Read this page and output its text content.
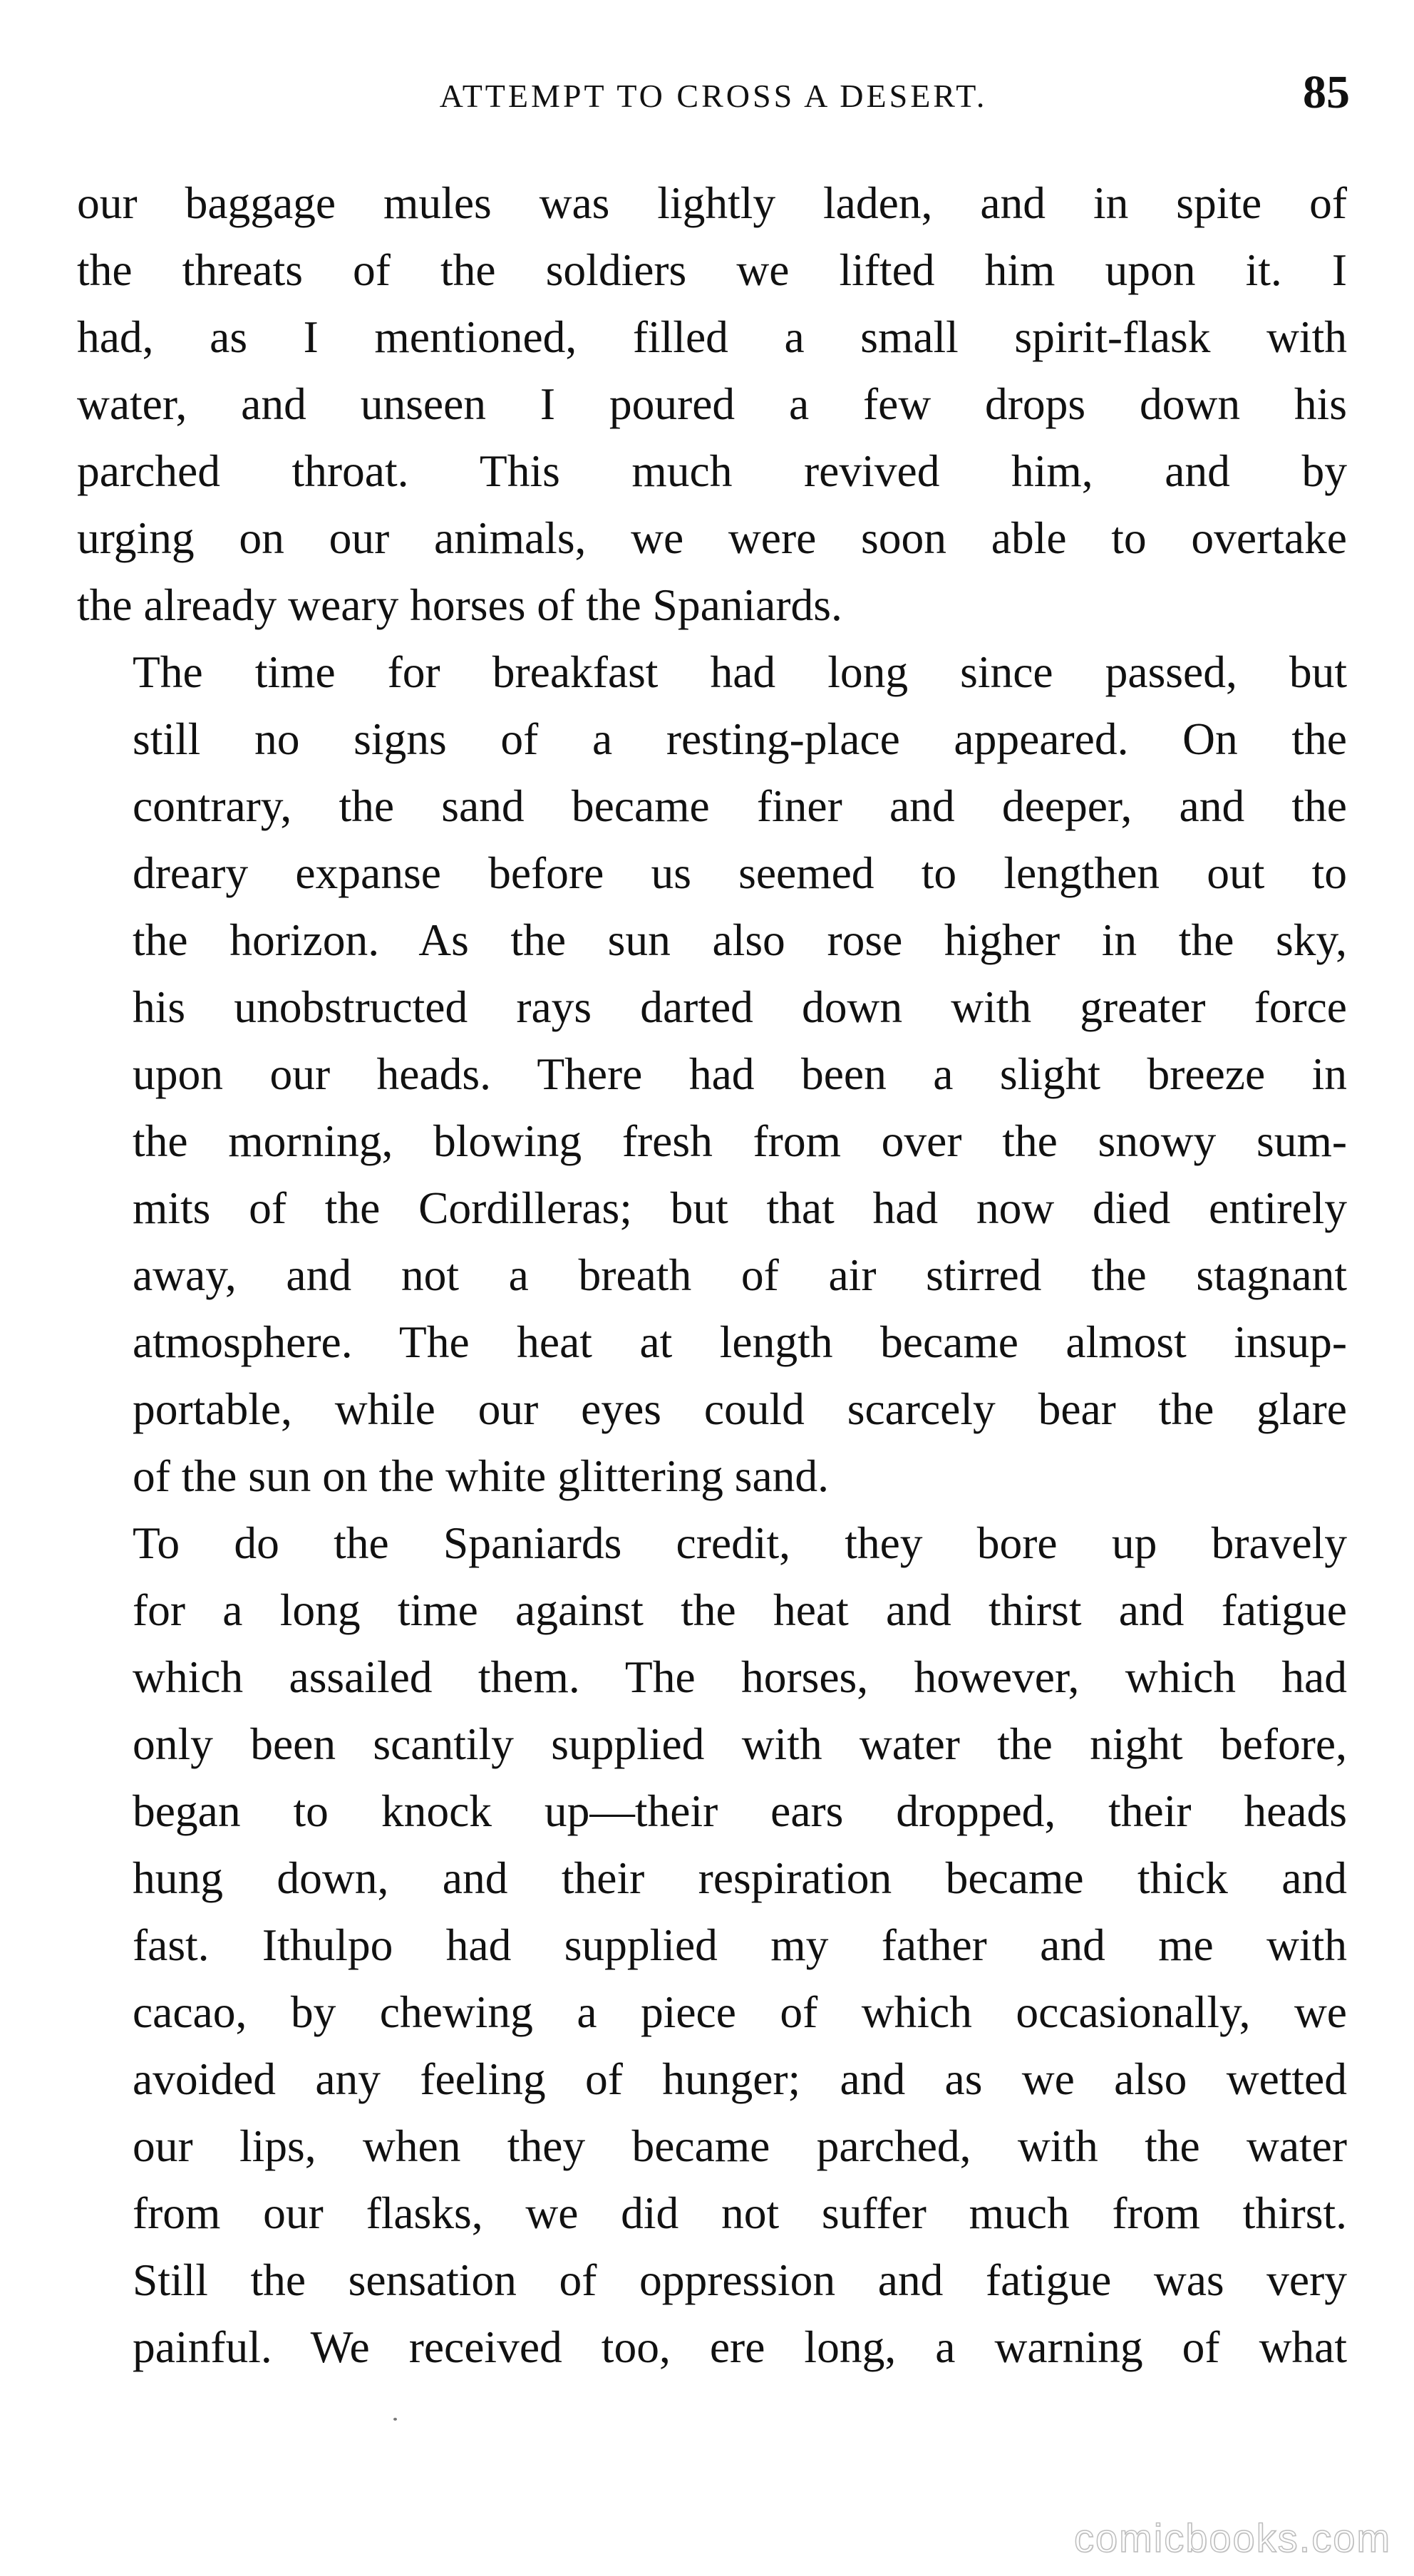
ATTEMPT TO CROSS A DESERT.	85

our baggage mules was lightly laden, and in spite of
the threats of the soldiers we lifted him upon it. I
had, as I mentioned, filled a small spirit-flask with
water, and unseen I poured a few drops down his
parched throat. This much revived him, and by
urging on our animals, we were soon able to overtake
the already weary horses of the Spaniards.

The time for breakfast had long since passed, but
still no signs of a resting-place appeared. On the
contrary, the sand became finer and deeper, and the
dreary expanse before us seemed to lengthen out to
the horizon. As the sun also rose higher in the sky,
his unobstructed rays darted down with greater force
upon our heads. There had been a slight breeze in
the morning, blowing fresh from over the snowy sum-
mits of the Cordilleras; but that had now died entirely
away, and not a breath of air stirred the stagnant
atmosphere. The heat at length became almost insup-
portable, while our eyes could scarcely bear the glare
of the sun on the white glittering sand.

To do the Spaniards credit, they bore up bravely
for a long time against the heat and thirst and fatigue
which assailed them. The horses, however, which had
only been scantily supplied with water the night before,
began to knock up—their ears dropped, their heads
hung down, and their respiration became thick and
fast. Ithulpo had supplied my father and me with
cacao, by chewing a piece of which occasionally, we
avoided any feeling of hunger; and as we also wetted
our lips, when they became parched, with the water
from our flasks, we did not suffer much from thirst.
Still the sensation of oppression and fatigue was very
painful. We received too, ere long, a warning of what

comicbooks.com
